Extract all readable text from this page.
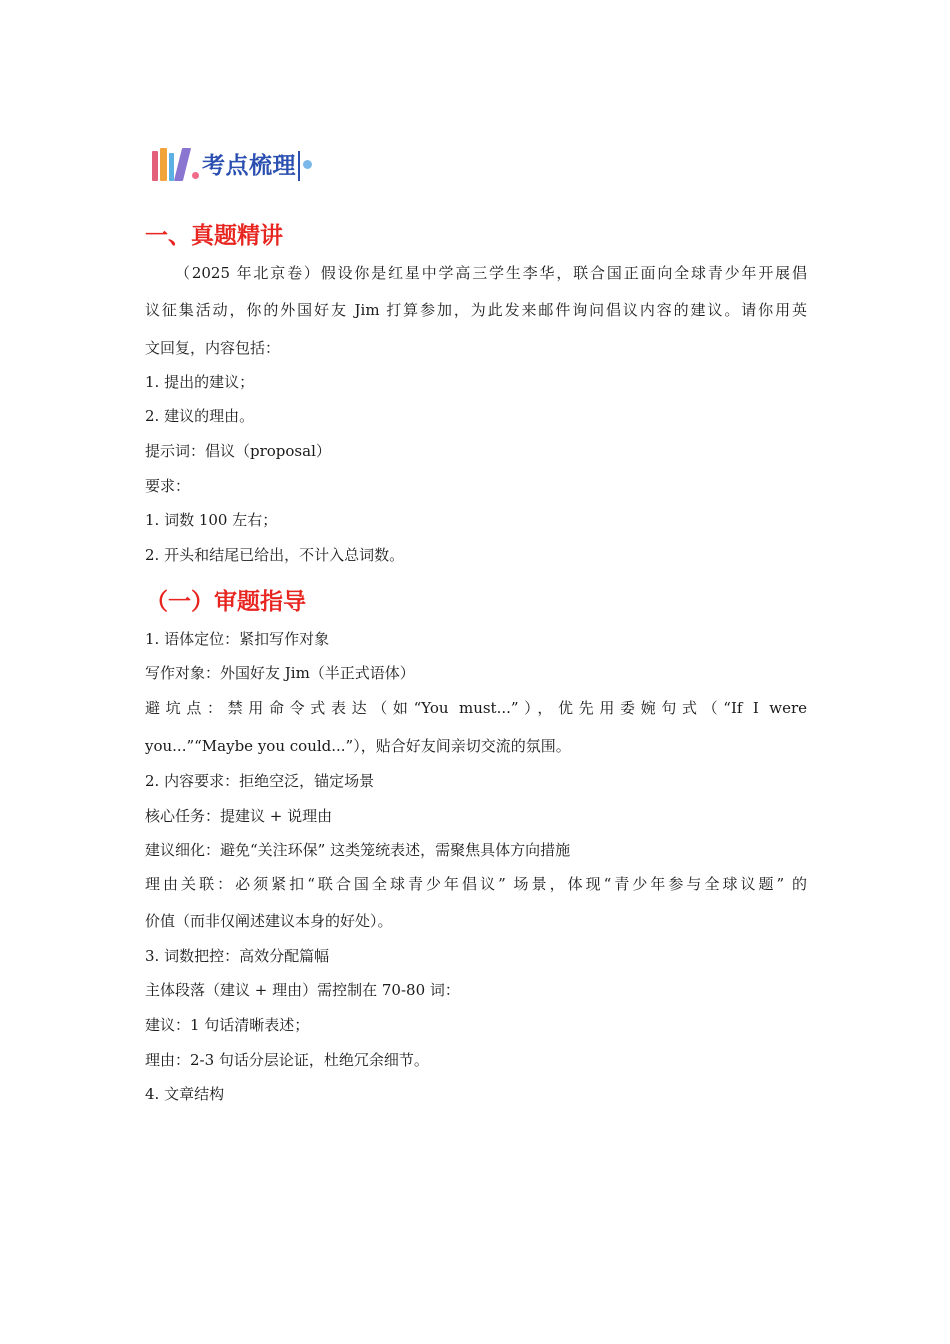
考点梳理
一、真题精讲

（2025 年北京卷）假设你是红星中学高三学生李华，联合国正面向全球青少年开展倡

议征集活动，你的外国好友 Jim 打算参加，为此发来邮件询问倡议内容的建议。请你用英

文回复，内容包括：

1. 提出的建议；

2. 建议的理由。

提示词：倡议（proposal）

要求：

1. 词数 100 左右；

2. 开头和结尾已给出，不计入总词数。

（一）审题指导

1. 语体定位：紧扣写作对象

写作对象：外国好友 Jim（半正式语体）

避坑点：禁用命令式表达（如“You must...”），优先用委婉句式（“If I were

you...”“Maybe you could...”），贴合好友间亲切交流的氛围。

2. 内容要求：拒绝空泛，锚定场景

核心任务：提建议 + 说理由

建议细化：避免“关注环保” 这类笼统表述，需聚焦具体方向措施

理由关联：必须紧扣“联合国全球青少年倡议” 场景，体现“青少年参与全球议题” 的

价值（而非仅阐述建议本身的好处）。

3. 词数把控：高效分配篇幅

主体段落（建议 + 理由）需控制在 70-80 词：

建议：1 句话清晰表述；

理由：2-3 句话分层论证，杜绝冗余细节。

4. 文章结构
